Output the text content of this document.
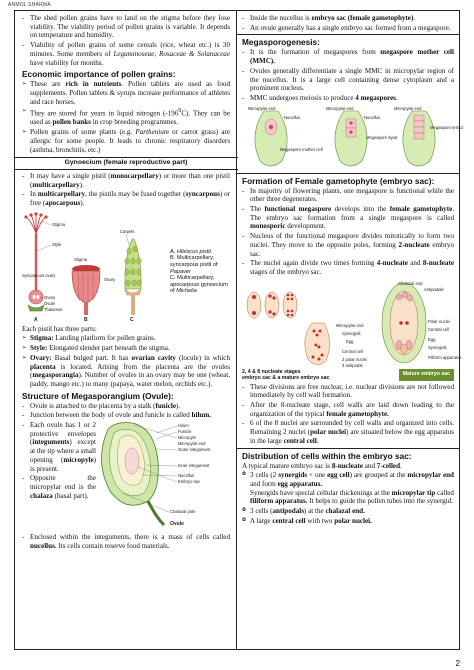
ANMOL SHARMA
- The shed pollen grains have to land on the stigma before they lose viability. The viability period of pollen grains is variable. It depends on temperature and humidity.
- Viability of pollen grains of some cereals (rice, wheat etc.) is 30 minutes. Some members of Leguminoseae, Rosaceae & Solanaceae have viability for months.
Economic importance of pollen grains:
➢ These are rich in nutrients. Pollen tablets are used as food supplements. Pollen tablets & syrups increase performance of athletes and race horses.
➢ They are stored for years in liquid nitrogen $(-196^0C)$. They can be used as pollen banks in crop breeding programmes.
➢ Pollen grains of some plants (e.g. Parthenium or carrot grass) are allergic for some people. It leads to chronic respiratory disorders (asthma, bronchitis, etc.)
Gynoecium (female reproductive part)
- It may have a single pistil (monocarpellary) or more than one pistil (multicarpellary).
- In multicarpellary, the pistils may be fused together (syncarpous) or free (apocarpous).
Stigma
Style
Syncarpous ovary
Ovary
Ovule
Thalamus
A
Stigma
Ovary
B
Carpels
C
A. Hibiscus pistil.
B. Multicarpellary, syncarpous pistil of Papaver
C. Multicarpellary, apocarpous gynoecium of Michelia
Each pistil has three parts:
➢ Stigma: Landing platform for pollen grains.
➢ Style: Elongated slender part beneath the stigma.
➢ Ovary: Basal bulged part. It has ovarian cavity (locule) in which placenta is located. Arising from the placenta are the ovules (megasporangia). Number of ovules in an ovary may be one (wheat, paddy, mango etc.) to many (papaya, water melon, orchids etc.).
Structure of Megasporangium (Ovule):
- Ovule is attached to the placenta by a stalk (funicle).
- Junction between the body of ovule and funicle is called hilum.
- Each ovule has 1 or 2 protective envelopes (integuments) except at the tip where a small opening (micropyle) is present.
- Opposite the micropylar end is the chalaza (basal part).
Hilum
Funicle
Micropyle
Micropylar end
Outer integument
Inner integument
Nucellus
Embryo sac
Chalazal pole
Ovule
- Enclosed within the integuments, there is a mass of cells called nucellus. Its cells contain reserve food materials.
- Inside the nucellus is embryo sac (female gametophyte).
- An ovule generally has a single embryo sac formed from a megaspore.
Megasporogenesis:
- It is the formation of megaspores from megaspore mother cell (MMC).
- Ovules generally differentiate a single MMC in micropylar region of the nucellus. It is a large cell containing dense cytoplasm and a prominent nucleus.
- MMC undergoes meiosis to produce 4 megaspores.
Micropylar end
Nucellus
Megaspore mother cell
Micropylar end
Nucellus
Megaspore dyad
Micropylar end
Megaspore tetrad
Formation of Female gametophyte (embryo sac):
- In majority of flowering plants, one megaspore is functional while the other three degenerates.
- The functional megaspore develops into the female gametophyte. The embryo sac formation from a single megaspore is called monosporic development.
- Nucleus of the functional megaspore divides mitotically to form two nuclei. They move to the opposite poles, forming 2-nucleate embryo sac.
- The nuclei again divide two times forming 4-nucleate and 8-nucleate stages of the embryo sac.
Micropylar end
Chalazal end
Antipodals
Synergids
Egg
Central cell
2 polar nuclei
3 antipodal
Polar nuclei
Central cell
Egg
Synergids
Filiform apparatus
2, 4 & 8 nucleate stages
embryo sac & a mature embryo sac
Mature embryo sac
- These divisions are free nuclear, i.e. nuclear divisions are not followed immediately by cell wall formation.
- After the 8-nucleate stage, cell walls are laid down leading to the organization of the typical female gametophyte.
- 6 of the 8 nuclei are surrounded by cell walls and organized into cells. Remaining 2 nuclei (polar nuclei) are situated below the egg apparatus in the large central cell.
Distribution of cells within the embryo sac:
A typical mature embryo sac is 8-nucleate and 7-celled.
⭗ 3 cells (2 synergids + one egg cell) are grouped at the micropylar end and form egg apparatus.
Synergids have special cellular thickenings at the micropylar tip called filiform apparatus. It helps to guide the pollen tubes into the synergid.
⭗ 3 cells (antipodals) at the chalazal end.
⭗ A large central cell with two polar nuclei.
2
